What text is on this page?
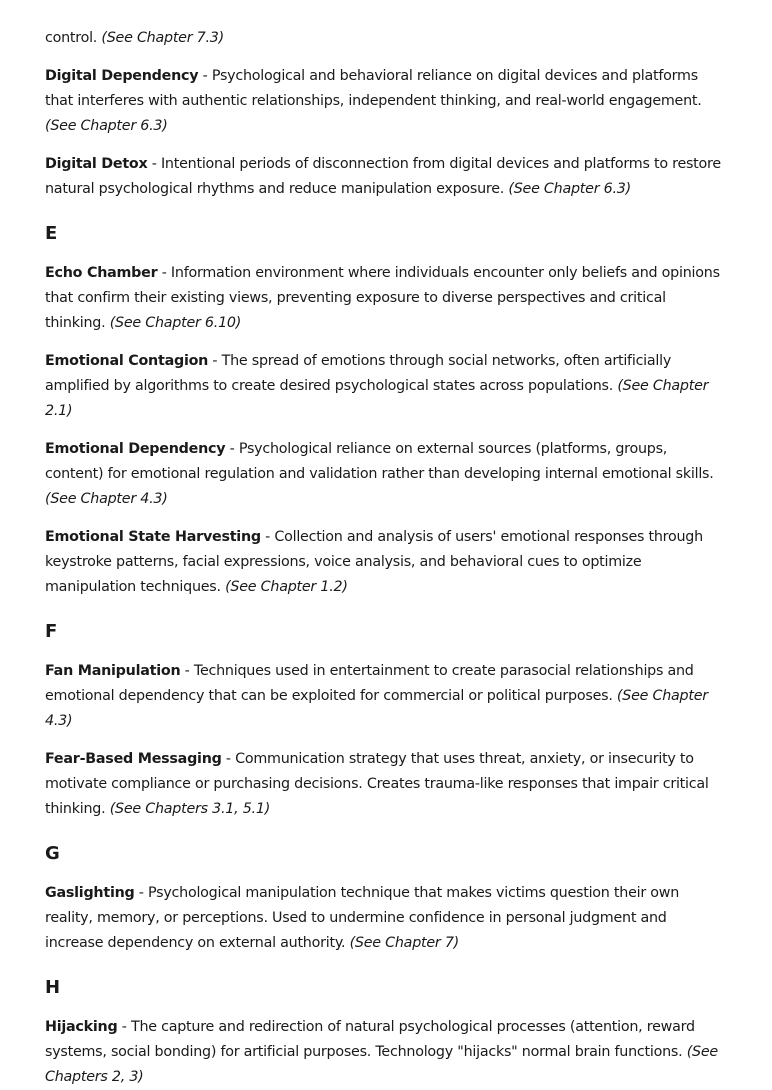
control. (See Chapter 7.3)

Digital Dependency - Psychological and behavioral reliance on digital devices and platforms that interferes with authentic relationships, independent thinking, and real-world engagement. (See Chapter 6.3)

Digital Detox - Intentional periods of disconnection from digital devices and platforms to restore natural psychological rhythms and reduce manipulation exposure. (See Chapter 6.3)

E

Echo Chamber - Information environment where individuals encounter only beliefs and opinions that confirm their existing views, preventing exposure to diverse perspectives and critical thinking. (See Chapter 6.10)

Emotional Contagion - The spread of emotions through social networks, often artificially amplified by algorithms to create desired psychological states across populations. (See Chapter 2.1)

Emotional Dependency - Psychological reliance on external sources (platforms, groups, content) for emotional regulation and validation rather than developing internal emotional skills. (See Chapter 4.3)

Emotional State Harvesting - Collection and analysis of users' emotional responses through keystroke patterns, facial expressions, voice analysis, and behavioral cues to optimize manipulation techniques. (See Chapter 1.2)

F

Fan Manipulation - Techniques used in entertainment to create parasocial relationships and emotional dependency that can be exploited for commercial or political purposes. (See Chapter 4.3)

Fear-Based Messaging - Communication strategy that uses threat, anxiety, or insecurity to motivate compliance or purchasing decisions. Creates trauma-like responses that impair critical thinking. (See Chapters 3.1, 5.1)

G

Gaslighting - Psychological manipulation technique that makes victims question their own reality, memory, or perceptions. Used to undermine confidence in personal judgment and increase dependency on external authority. (See Chapter 7)

H

Hijacking - The capture and redirection of natural psychological processes (attention, reward systems, social bonding) for artificial purposes. Technology "hijacks" normal brain functions. (See Chapters 2, 3)
